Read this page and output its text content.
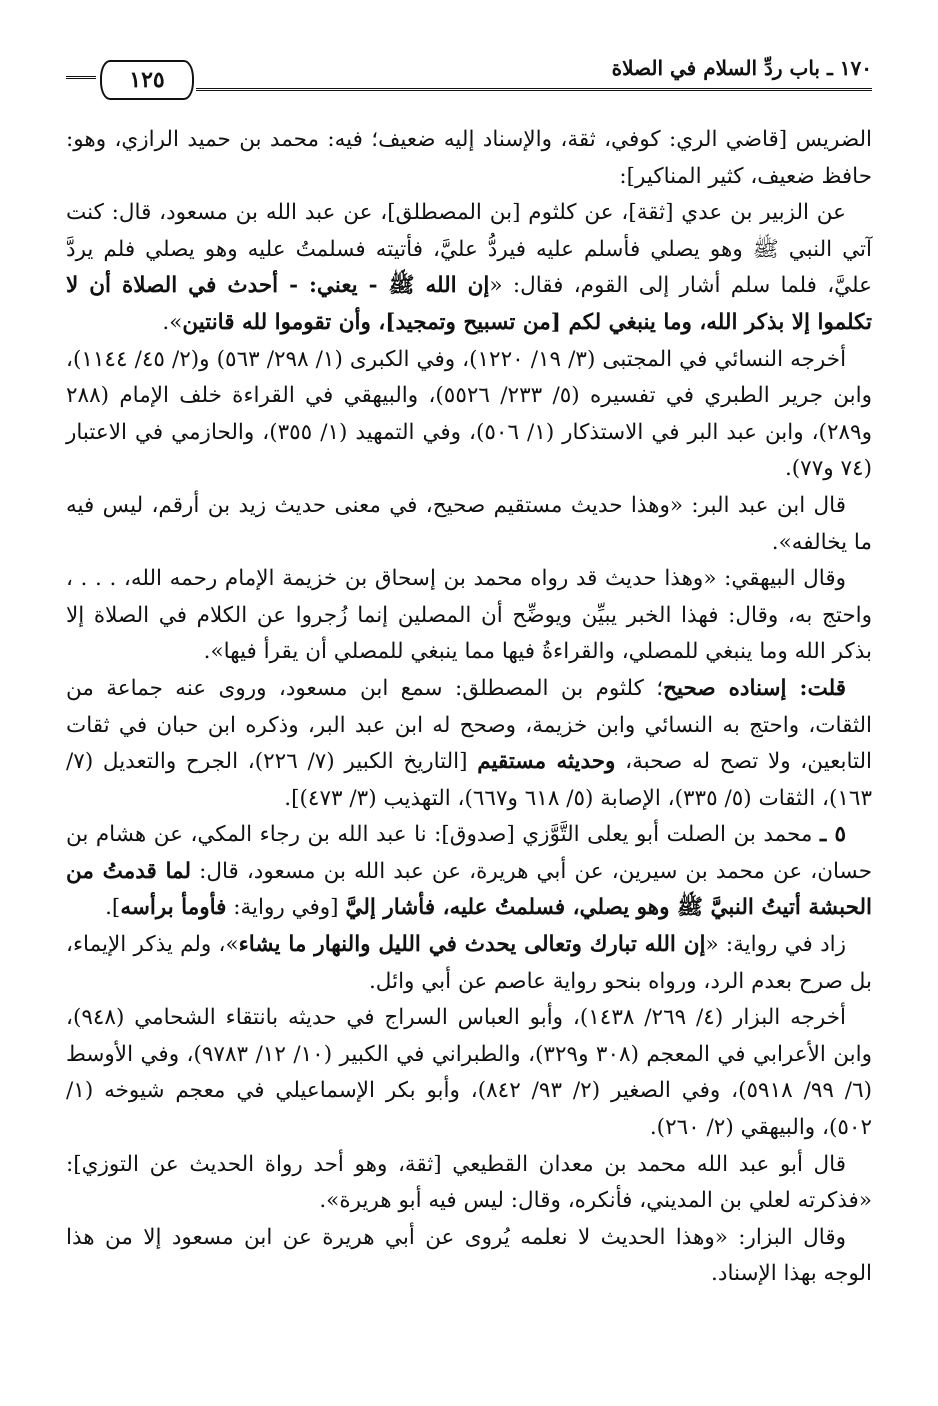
١٧٠ ـ باب ردِّ السلام في الصلاة
١٢٥

الضريس [قاضي الري: كوفي، ثقة، والإسناد إليه ضعيف؛ فيه: محمد بن حميد الرازي، وهو: حافظ ضعيف، كثير المناكير]:

عن الزبير بن عدي [ثقة]، عن كلثوم [بن المصطلق]، عن عبد الله بن مسعود، قال: كنت آتي النبي ﷺ وهو يصلي فأسلم عليه فيردُّ عليَّ، فأتيته فسلمتُ عليه وهو يصلي فلم يردَّ عليَّ، فلما سلم أشار إلى القوم، فقال: «إن الله ﷺ - يعني: - أحدث في الصلاة أن لا تكلموا إلا بذكر الله، وما ينبغي لكم [من تسبيح وتمجيد]، وأن تقوموا لله قانتين».

أخرجه النسائي في المجتبى (٣/ ١٩/ ١٢٢٠)، وفي الكبرى (١/ ٢٩٨/ ٥٦٣) و(٢/ ٤٥/ ١١٤٤)، وابن جرير الطبري في تفسيره (٥/ ٢٣٣/ ٥٥٢٦)، والبيهقي في القراءة خلف الإمام (٢٨٨ و٢٨٩)، وابن عبد البر في الاستذكار (١/ ٥٠٦)، وفي التمهيد (١/ ٣٥٥)، والحازمي في الاعتبار (٧٤ و٧٧).

قال ابن عبد البر: «وهذا حديث مستقيم صحيح، في معنى حديث زيد بن أرقم، ليس فيه ما يخالفه».

وقال البيهقي: «وهذا حديث قد رواه محمد بن إسحاق بن خزيمة الإمام رحمه الله، . . . ، واحتج به، وقال: فهذا الخبر يبيِّن ويوضِّح أن المصلين إنما زُجروا عن الكلام في الصلاة إلا بذكر الله وما ينبغي للمصلي، والقراءةُ فيها مما ينبغي للمصلي أن يقرأ فيها».

قلت: إسناده صحيح؛ كلثوم بن المصطلق: سمع ابن مسعود، وروى عنه جماعة من الثقات، واحتج به النسائي وابن خزيمة، وصحح له ابن عبد البر، وذكره ابن حبان في ثقات التابعين، ولا تصح له صحبة، وحديثه مستقيم [التاريخ الكبير (٧/ ٢٢٦)، الجرح والتعديل (٧/ ١٦٣)، الثقات (٥/ ٣٣٥)، الإصابة (٥/ ٦١٨ و٦٦٧)، التهذيب (٣/ ٤٧٣)].

٥ ـ محمد بن الصلت أبو يعلى التَّوَّزي [صدوق]: نا عبد الله بن رجاء المكي، عن هشام بن حسان، عن محمد بن سيرين، عن أبي هريرة، عن عبد الله بن مسعود، قال: لما قدمتُ من الحبشة أتيتُ النبيَّ ﷺ وهو يصلي، فسلمتُ عليه، فأشار إليَّ [وفي رواية: فأومأ برأسه].

زاد في رواية: «إن الله تبارك وتعالى يحدث في الليل والنهار ما يشاء»، ولم يذكر الإيماء، بل صرح بعدم الرد، ورواه بنحو رواية عاصم عن أبي وائل.

أخرجه البزار (٤/ ٢٦٩/ ١٤٣٨)، وأبو العباس السراج في حديثه بانتقاء الشحامي (٩٤٨)، وابن الأعرابي في المعجم (٣٠٨ و٣٢٩)، والطبراني في الكبير (١٠/ ١٢/ ٩٧٨٣)، وفي الأوسط (٦/ ٩٩/ ٥٩١٨)، وفي الصغير (٢/ ٩٣/ ٨٤٢)، وأبو بكر الإسماعيلي في معجم شيوخه (١/ ٥٠٢)، والبيهقي (٢/ ٢٦٠).

قال أبو عبد الله محمد بن معدان القطيعي [ثقة، وهو أحد رواة الحديث عن التوزي]: «فذكرته لعلي بن المديني، فأنكره، وقال: ليس فيه أبو هريرة».

وقال البزار: «وهذا الحديث لا نعلمه يُروى عن أبي هريرة عن ابن مسعود إلا من هذا الوجه بهذا الإسناد.
